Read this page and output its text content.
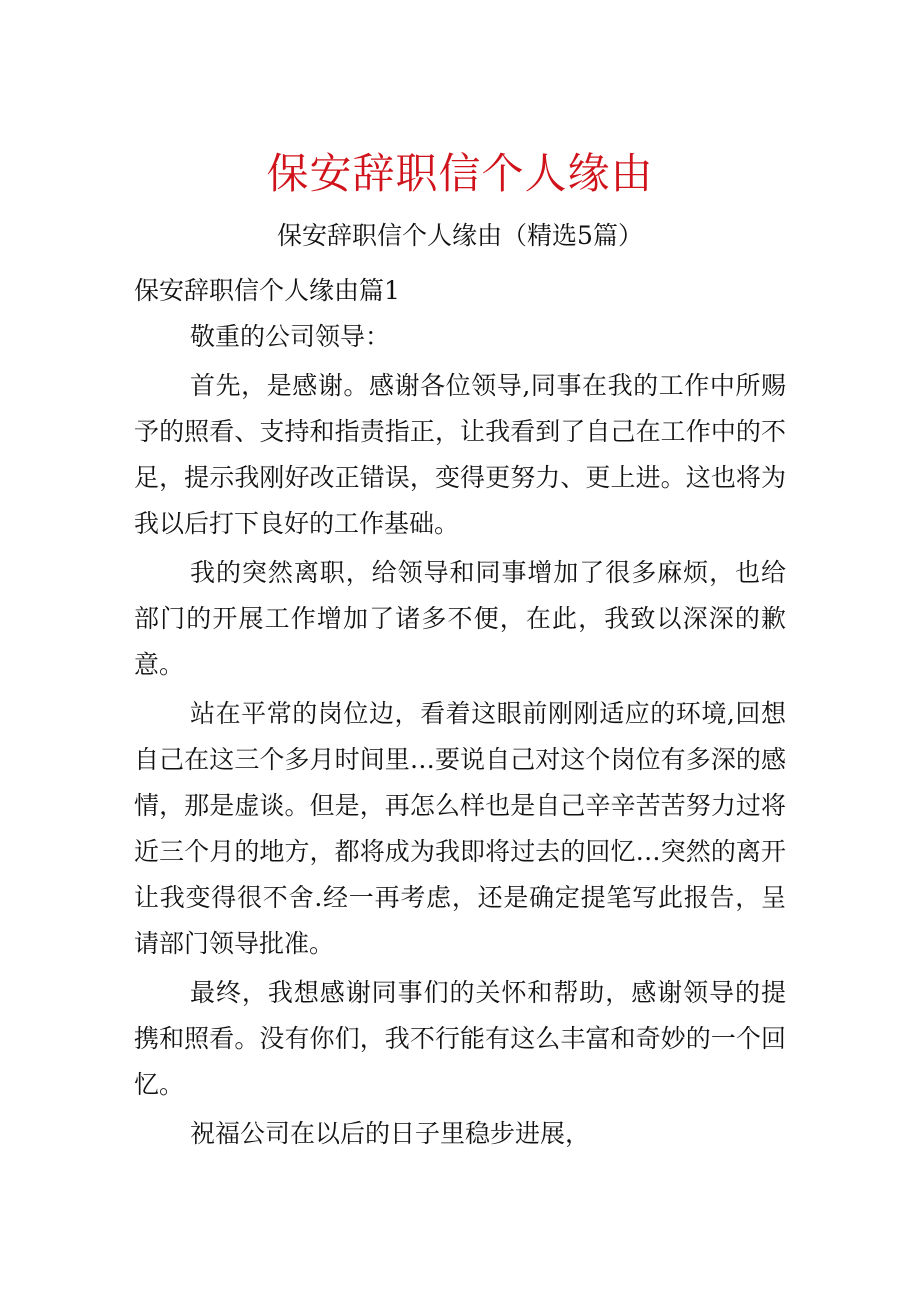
保安辞职信个人缘由

保安辞职信个人缘由（精选5篇）

保安辞职信个人缘由篇1

敬重的公司领导：

首先，是感谢。感谢各位领导,同事在我的工作中所赐予的照看、支持和指责指正，让我看到了自己在工作中的不足，提示我刚好改正错误，变得更努力、更上进。这也将为我以后打下良好的工作基础。

我的突然离职，给领导和同事增加了很多麻烦，也给部门的开展工作增加了诸多不便，在此，我致以深深的歉意。

站在平常的岗位边，看着这眼前刚刚适应的环境,回想自己在这三个多月时间里…要说自己对这个岗位有多深的感情，那是虚谈。但是，再怎么样也是自己辛辛苦苦努力过将近三个月的地方，都将成为我即将过去的回忆…突然的离开让我变得很不舍.经一再考虑，还是确定提笔写此报告，呈请部门领导批准。

最终，我想感谢同事们的关怀和帮助，感谢领导的提携和照看。没有你们，我不行能有这么丰富和奇妙的一个回忆。

祝福公司在以后的日子里稳步进展，
